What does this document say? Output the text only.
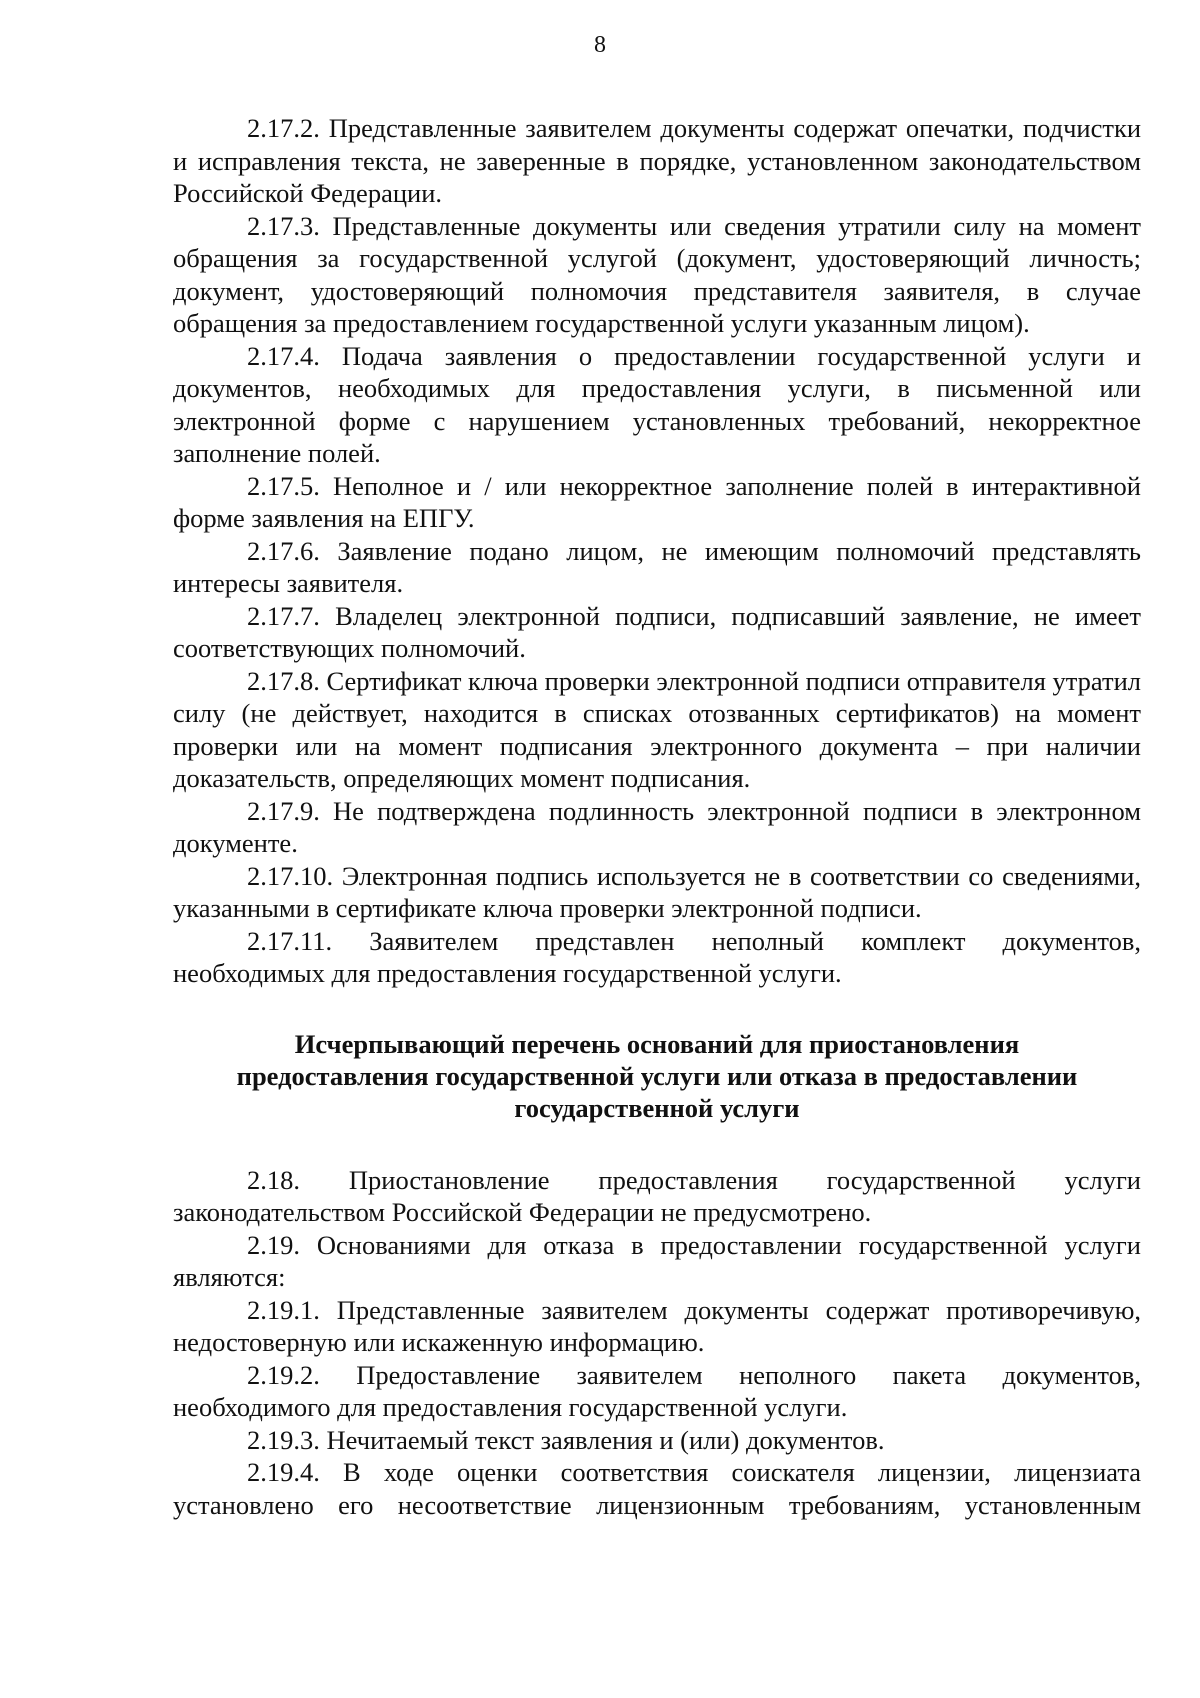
8

2.17.2. Представленные заявителем документы содержат опечатки, подчистки и исправления текста, не заверенные в порядке, установленном законодательством Российской Федерации.

2.17.3. Представленные документы или сведения утратили силу на момент обращения за государственной услугой (документ, удостоверяющий личность; документ, удостоверяющий полномочия представителя заявителя, в случае обращения за предоставлением государственной услуги указанным лицом).

2.17.4. Подача заявления о предоставлении государственной услуги и документов, необходимых для предоставления услуги, в письменной или электронной форме с нарушением установленных требований, некорректное заполнение полей.

2.17.5. Неполное и / или некорректное заполнение полей в интерактивной форме заявления на ЕПГУ.

2.17.6. Заявление подано лицом, не имеющим полномочий представлять интересы заявителя.

2.17.7. Владелец электронной подписи, подписавший заявление, не имеет соответствующих полномочий.

2.17.8. Сертификат ключа проверки электронной подписи отправителя утратил силу (не действует, находится в списках отозванных сертификатов) на момент проверки или на момент подписания электронного документа – при наличии доказательств, определяющих момент подписания.

2.17.9. Не подтверждена подлинность электронной подписи в электронном документе.

2.17.10. Электронная подпись используется не в соответствии со сведениями, указанными в сертификате ключа проверки электронной подписи.

2.17.11. Заявителем представлен неполный комплект документов, необходимых для предоставления государственной услуги.

Исчерпывающий перечень оснований для приостановления
предоставления государственной услуги или отказа в предоставлении
государственной услуги

2.18. Приостановление предоставления государственной услуги законодательством Российской Федерации не предусмотрено.

2.19. Основаниями для отказа в предоставлении государственной услуги являются:

2.19.1. Представленные заявителем документы содержат противоречивую, недостоверную или искаженную информацию.

2.19.2. Предоставление заявителем неполного пакета документов, необходимого для предоставления государственной услуги.

2.19.3. Нечитаемый текст заявления и (или) документов.

2.19.4. В ходе оценки соответствия соискателя лицензии, лицензиата установлено его несоответствие лицензионным требованиям, установленным
